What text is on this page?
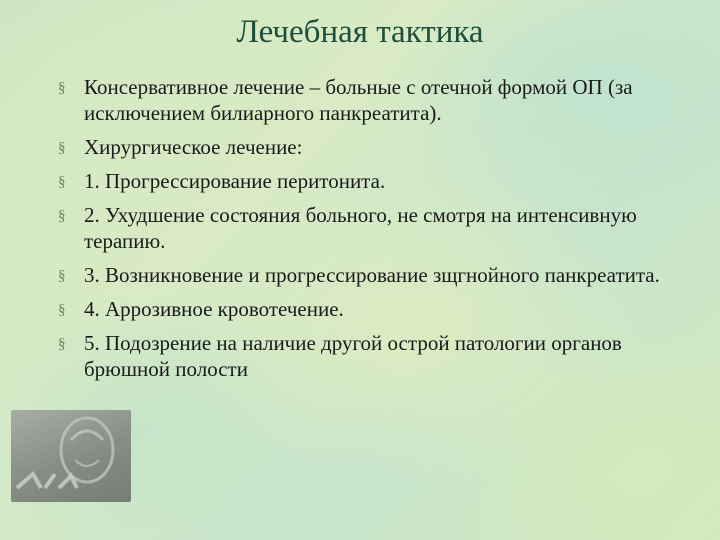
Лечебная тактика
§ Консервативное лечение – больные с отечной формой ОП (за исключением билиарного панкреатита).
§ Хирургическое лечение:
§ 1. Прогрессирование перитонита.
§ 2. Ухудшение состояния больного, не смотря на интенсивную терапию.
§ 3. Возникновение и прогрессирование зщгнойного панкреатита.
§ 4. Аррозивное кровотечение.
§ 5. Подозрение на наличие другой острой патологии органов брюшной полости
